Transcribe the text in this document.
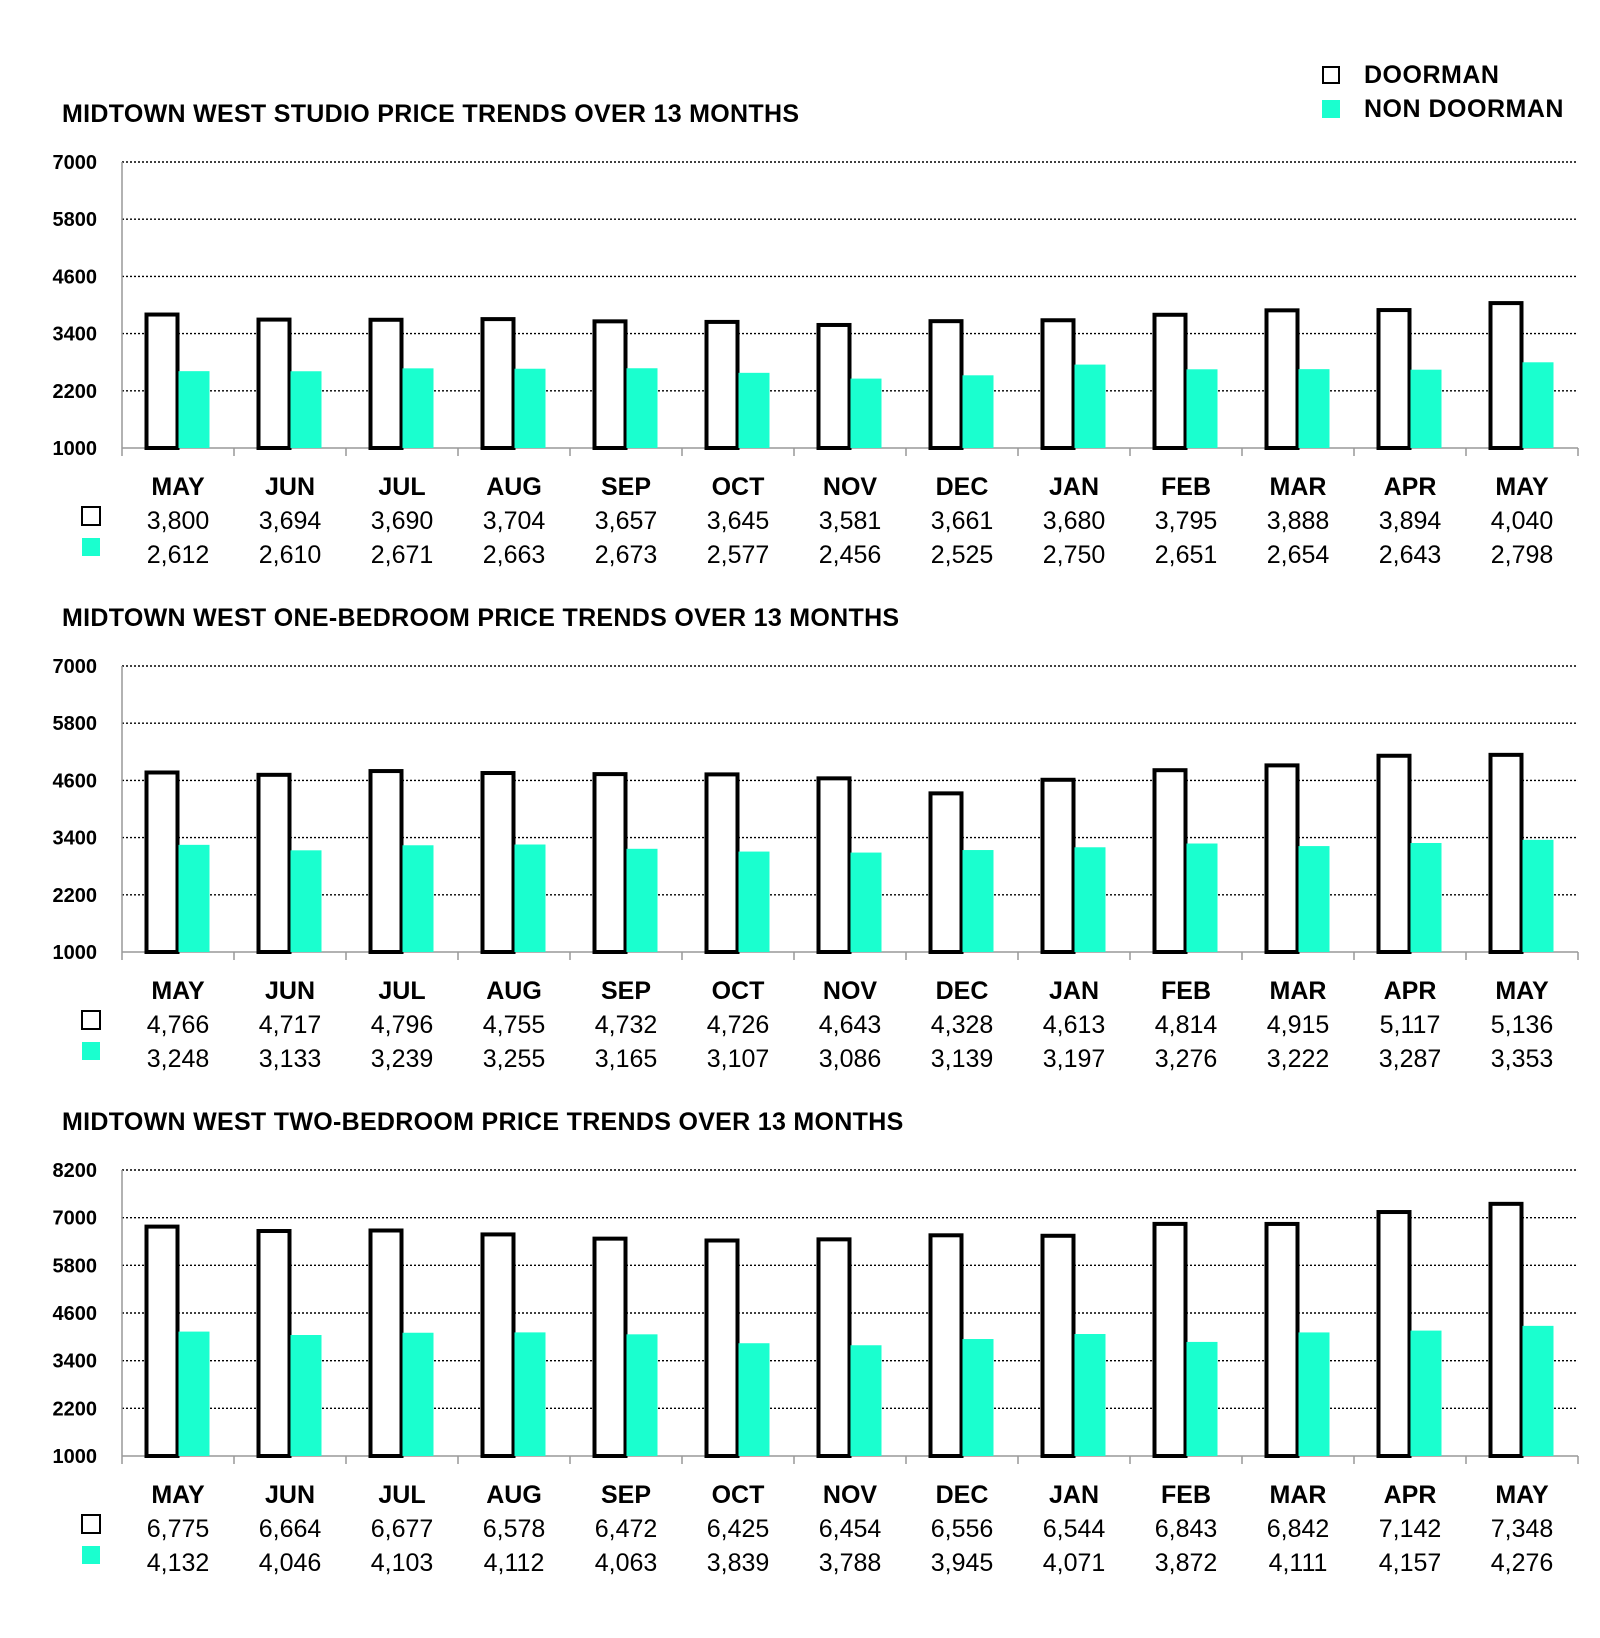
DOORMAN
NON DOORMAN
MIDTOWN WEST STUDIO PRICE TRENDS OVER 13 MONTHS
1000
2200
3400
4600
5800
7000
MAY
3,800
2,612
JUN
3,694
2,610
JUL
3,690
2,671
AUG
3,704
2,663
SEP
3,657
2,673
OCT
3,645
2,577
NOV
3,581
2,456
DEC
3,661
2,525
JAN
3,680
2,750
FEB
3,795
2,651
MAR
3,888
2,654
APR
3,894
2,643
MAY
4,040
2,798
MIDTOWN WEST ONE-BEDROOM PRICE TRENDS OVER 13 MONTHS
1000
2200
3400
4600
5800
7000
MAY
4,766
3,248
JUN
4,717
3,133
JUL
4,796
3,239
AUG
4,755
3,255
SEP
4,732
3,165
OCT
4,726
3,107
NOV
4,643
3,086
DEC
4,328
3,139
JAN
4,613
3,197
FEB
4,814
3,276
MAR
4,915
3,222
APR
5,117
3,287
MAY
5,136
3,353
MIDTOWN WEST TWO-BEDROOM PRICE TRENDS OVER 13 MONTHS
1000
2200
3400
4600
5800
7000
8200
MAY
6,775
4,132
JUN
6,664
4,046
JUL
6,677
4,103
AUG
6,578
4,112
SEP
6,472
4,063
OCT
6,425
3,839
NOV
6,454
3,788
DEC
6,556
3,945
JAN
6,544
4,071
FEB
6,843
3,872
MAR
6,842
4,111
APR
7,142
4,157
MAY
7,348
4,276
